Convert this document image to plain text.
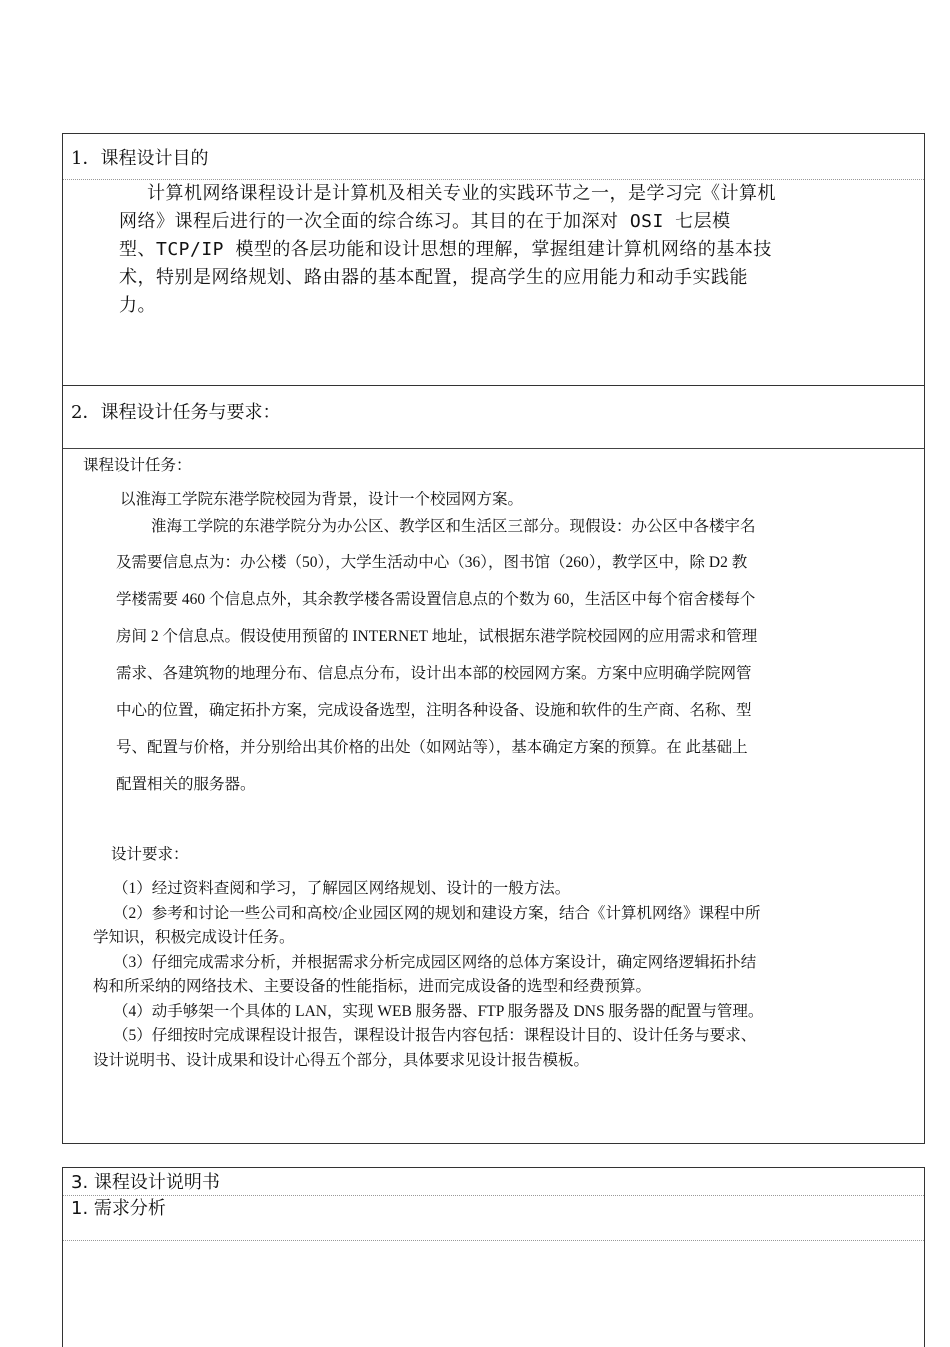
1．课程设计目的
计算机网络课程设计是计算机及相关专业的实践环节之一，是学习完《计算机
网络》课程后进行的一次全面的综合练习。其目的在于加深对 OSI 七层模
型、TCP/IP 模型的各层功能和设计思想的理解，掌握组建计算机网络的基本技
术，特别是网络规划、路由器的基本配置，提高学生的应用能力和动手实践能
力。
2．课程设计任务与要求：
课程设计任务：
以淮海工学院东港学院校园为背景，设计一个校园网方案。
淮海工学院的东港学院分为办公区、教学区和生活区三部分。现假设：办公区中各楼宇名
及需要信息点为：办公楼（50），大学生活动中心（36），图书馆（260），教学区中，除 D2 教
学楼需要 460 个信息点外，其余教学楼各需设置信息点的个数为 60，生活区中每个宿舍楼每个
房间 2 个信息点。假设使用预留的 INTERNET 地址，试根据东港学院校园网的应用需求和管理
需求、各建筑物的地理分布、信息点分布，设计出本部的校园网方案。方案中应明确学院网管
中心的位置，确定拓扑方案，完成设备选型，注明各种设备、设施和软件的生产商、名称、型
号、配置与价格，并分别给出其价格的出处（如网站等），基本确定方案的预算。在 此基础上
配置相关的服务器。
设计要求：
（1）经过资料查阅和学习，了解园区网络规划、设计的一般方法。
（2）参考和讨论一些公司和高校/企业园区网的规划和建设方案，结合《计算机网络》课程中所
学知识，积极完成设计任务。
（3）仔细完成需求分析，并根据需求分析完成园区网络的总体方案设计，确定网络逻辑拓扑结
构和所采纳的网络技术、主要设备的性能指标，进而完成设备的选型和经费预算。
（4）动手够架一个具体的 LAN，实现 WEB 服务器、FTP 服务器及 DNS 服务器的配置与管理。
（5）仔细按时完成课程设计报告，课程设计报告内容包括：课程设计目的、设计任务与要求、
设计说明书、设计成果和设计心得五个部分，具体要求见设计报告模板。
3. 课程设计说明书
1. 需求分析
